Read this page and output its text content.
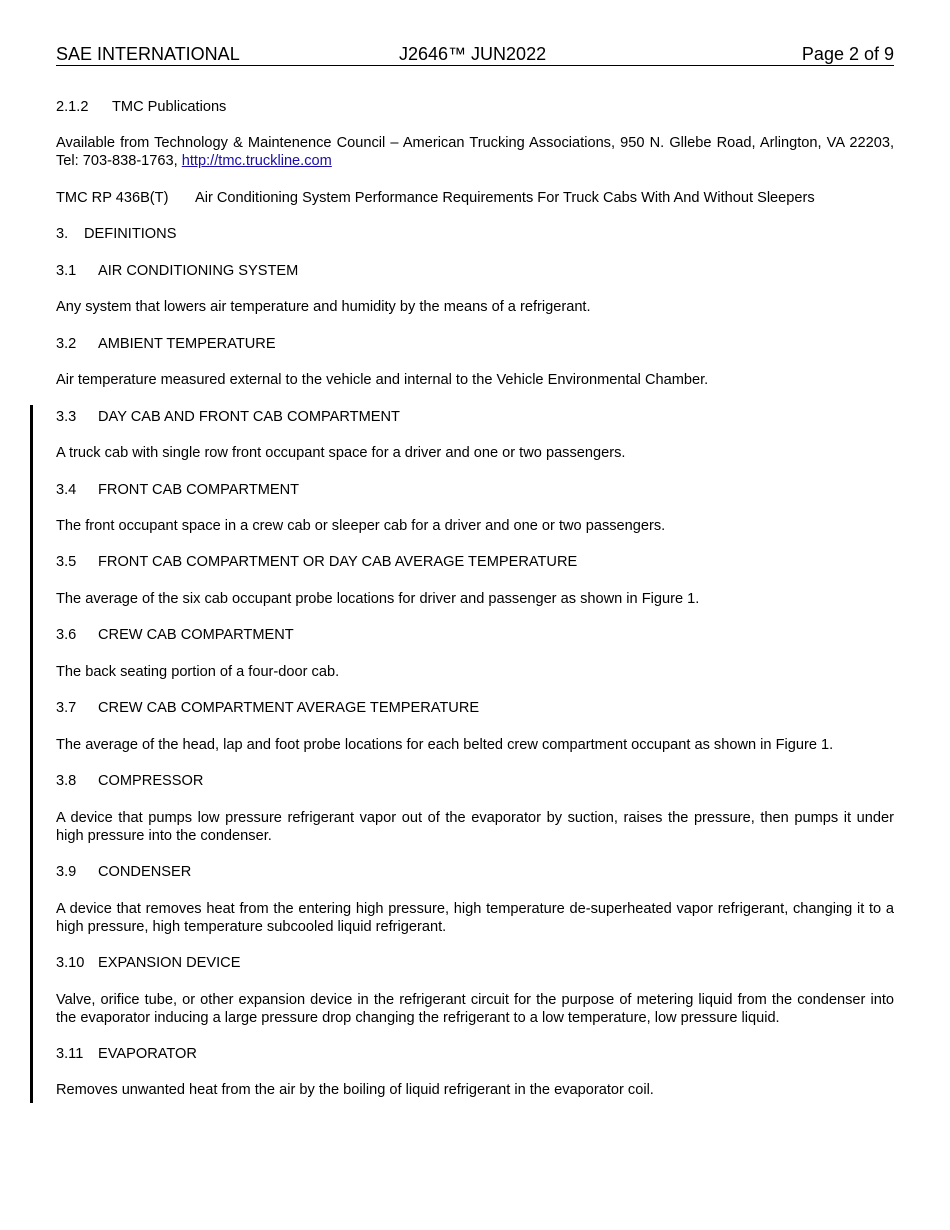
SAE INTERNATIONAL	J2646™ JUN2022	Page 2 of 9
2.1.2 TMC Publications
Available from Technology & Maintenence Council – American Trucking Associations, 950 N. Gllebe Road, Arlington, VA 22203, Tel: 703-838-1763, http://tmc.truckline.com
TMC RP 436B(T) Air Conditioning System Performance Requirements For Truck Cabs With And Without Sleepers
3. DEFINITIONS
3.1 AIR CONDITIONING SYSTEM
Any system that lowers air temperature and humidity by the means of a refrigerant.
3.2 AMBIENT TEMPERATURE
Air temperature measured external to the vehicle and internal to the Vehicle Environmental Chamber.
3.3 DAY CAB AND FRONT CAB COMPARTMENT
A truck cab with single row front occupant space for a driver and one or two passengers.
3.4 FRONT CAB COMPARTMENT
The front occupant space in a crew cab or sleeper cab for a driver and one or two passengers.
3.5 FRONT CAB COMPARTMENT OR DAY CAB AVERAGE TEMPERATURE
The average of the six cab occupant probe locations for driver and passenger as shown in Figure 1.
3.6 CREW CAB COMPARTMENT
The back seating portion of a four-door cab.
3.7 CREW CAB COMPARTMENT AVERAGE TEMPERATURE
The average of the head, lap and foot probe locations for each belted crew compartment occupant as shown in Figure 1.
3.8 COMPRESSOR
A device that pumps low pressure refrigerant vapor out of the evaporator by suction, raises the pressure, then pumps it under high pressure into the condenser.
3.9 CONDENSER
A device that removes heat from the entering high pressure, high temperature de-superheated vapor refrigerant, changing it to a high pressure, high temperature subcooled liquid refrigerant.
3.10 EXPANSION DEVICE
Valve, orifice tube, or other expansion device in the refrigerant circuit for the purpose of metering liquid from the condenser into the evaporator inducing a large pressure drop changing the refrigerant to a low temperature, low pressure liquid.
3.11 EVAPORATOR
Removes unwanted heat from the air by the boiling of liquid refrigerant in the evaporator coil.
